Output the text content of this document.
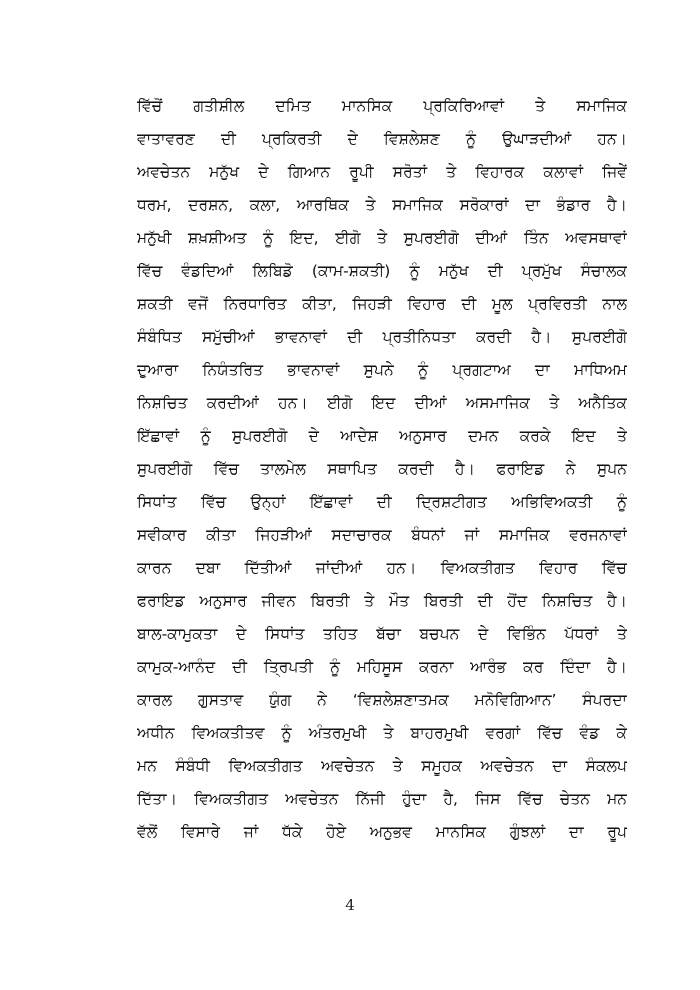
ਵਿੱਚੋਂ ਗਤੀਸ਼ੀਲ ਦਮਿਤ ਮਾਨਸਿਕ ਪ੍ਰਕਿਰਿਆਵਾਂ ਤੇ ਸਮਾਜਿਕ
ਵਾਤਾਵਰਣ ਦੀ ਪ੍ਰਕਿਰਤੀ ਦੇ ਵਿਸ਼ਲੇਸ਼ਣ ਨੂੰ ਉਘਾੜਦੀਆਂ ਹਨ।
ਅਵਚੇਤਨ ਮਨੁੱਖ ਦੇ ਗਿਆਨ ਰੂਪੀ ਸਰੋਤਾਂ ਤੇ ਵਿਹਾਰਕ ਕਲਾਵਾਂ ਜਿਵੇਂ
ਧਰਮ, ਦਰਸ਼ਨ, ਕਲਾ, ਆਰਥਿਕ ਤੇ ਸਮਾਜਿਕ ਸਰੋਕਾਰਾਂ ਦਾ ਭੰਡਾਰ ਹੈ।
ਮਨੁੱਖੀ ਸ਼ਖ਼ਸ਼ੀਅਤ ਨੂੰ ਇਦ, ਈਗੋ ਤੇ ਸੁਪਰਈਗੋ ਦੀਆਂ ਤਿੰਨ ਅਵਸਥਾਵਾਂ
ਵਿੱਚ ਵੰਡਦਿਆਂ ਲਿਬਿਡੋ (ਕਾਮ-ਸ਼ਕਤੀ) ਨੂੰ ਮਨੁੱਖ ਦੀ ਪ੍ਰਮੁੱਖ ਸੰਚਾਲਕ
ਸ਼ਕਤੀ ਵਜੋਂ ਨਿਰਧਾਰਿਤ ਕੀਤਾ, ਜਿਹੜੀ ਵਿਹਾਰ ਦੀ ਮੂਲ ਪ੍ਰਵਿਰਤੀ ਨਾਲ
ਸੰਬੰਧਿਤ ਸਮੁੱਚੀਆਂ ਭਾਵਨਾਵਾਂ ਦੀ ਪ੍ਰਤੀਨਿਧਤਾ ਕਰਦੀ ਹੈ। ਸੁਪਰਈਗੋ
ਦੁਆਰਾ ਨਿਯੰਤਰਿਤ ਭਾਵਨਾਵਾਂ ਸੁਪਨੇ ਨੂੰ ਪ੍ਰਗਟਾਅ ਦਾ ਮਾਧਿਅਮ
ਨਿਸ਼ਚਿਤ ਕਰਦੀਆਂ ਹਨ। ਈਗੋ ਇਦ ਦੀਆਂ ਅਸਮਾਜਿਕ ਤੇ ਅਨੈਤਿਕ
ਇੱਛਾਵਾਂ ਨੂੰ ਸੁਪਰਈਗੋ ਦੇ ਆਦੇਸ਼ ਅਨੁਸਾਰ ਦਮਨ ਕਰਕੇ ਇਦ ਤੇ
ਸੁਪਰਈਗੋ ਵਿੱਚ ਤਾਲਮੇਲ ਸਥਾਪਿਤ ਕਰਦੀ ਹੈ। ਫਰਾਇਡ ਨੇ ਸੁਪਨ
ਸਿਧਾਂਤ ਵਿੱਚ ਉਨ੍ਹਾਂ ਇੱਛਾਵਾਂ ਦੀ ਦ੍ਰਿਸ਼ਟੀਗਤ ਅਭਿਵਿਅਕਤੀ ਨੂੰ
ਸਵੀਕਾਰ ਕੀਤਾ ਜਿਹੜੀਆਂ ਸਦਾਚਾਰਕ ਬੰਧਨਾਂ ਜਾਂ ਸਮਾਜਿਕ ਵਰਜਨਾਵਾਂ
ਕਾਰਨ ਦਬਾ ਦਿੱਤੀਆਂ ਜਾਂਦੀਆਂ ਹਨ। ਵਿਅਕਤੀਗਤ ਵਿਹਾਰ ਵਿੱਚ
ਫਰਾਇਡ ਅਨੁਸਾਰ ਜੀਵਨ ਬਿਰਤੀ ਤੇ ਮੌਤ ਬਿਰਤੀ ਦੀ ਹੋਂਦ ਨਿਸ਼ਚਿਤ ਹੈ।
ਬਾਲ-ਕਾਮੁਕਤਾ ਦੇ ਸਿਧਾਂਤ ਤਹਿਤ ਬੱਚਾ ਬਚਪਨ ਦੇ ਵਿਭਿੰਨ ਪੱਧਰਾਂ ਤੇ
ਕਾਮੁਕ-ਆਨੰਦ ਦੀ ਤ੍ਰਿਪਤੀ ਨੂੰ ਮਹਿਸੂਸ ਕਰਨਾ ਆਰੰਭ ਕਰ ਦਿੰਦਾ ਹੈ।
ਕਾਰਲ ਗੁਸਤਾਵ ਯੁੰਗ ਨੇ ‘ਵਿਸ਼ਲੇਸ਼ਣਾਤਮਕ ਮਨੋਵਿਗਿਆਨ’ ਸੰਪਰਦਾ
ਅਧੀਨ ਵਿਅਕਤੀਤਵ ਨੂੰ ਅੰਤਰਮੁਖੀ ਤੇ ਬਾਹਰਮੁਖੀ ਵਰਗਾਂ ਵਿੱਚ ਵੰਡ ਕੇ
ਮਨ ਸੰਬੰਧੀ ਵਿਅਕਤੀਗਤ ਅਵਚੇਤਨ ਤੇ ਸਮੂਹਕ ਅਵਚੇਤਨ ਦਾ ਸੰਕਲਪ
ਦਿੱਤਾ। ਵਿਅਕਤੀਗਤ ਅਵਚੇਤਨ ਨਿੱਜੀ ਹੁੰਦਾ ਹੈ, ਜਿਸ ਵਿੱਚ ਚੇਤਨ ਮਨ
ਵੱਲੋਂ ਵਿਸਾਰੇ ਜਾਂ ਧੱਕੇ ਹੋਏ ਅਨੁਭਵ ਮਾਨਸਿਕ ਗੁੰਝਲਾਂ ਦਾ ਰੂਪ
4
